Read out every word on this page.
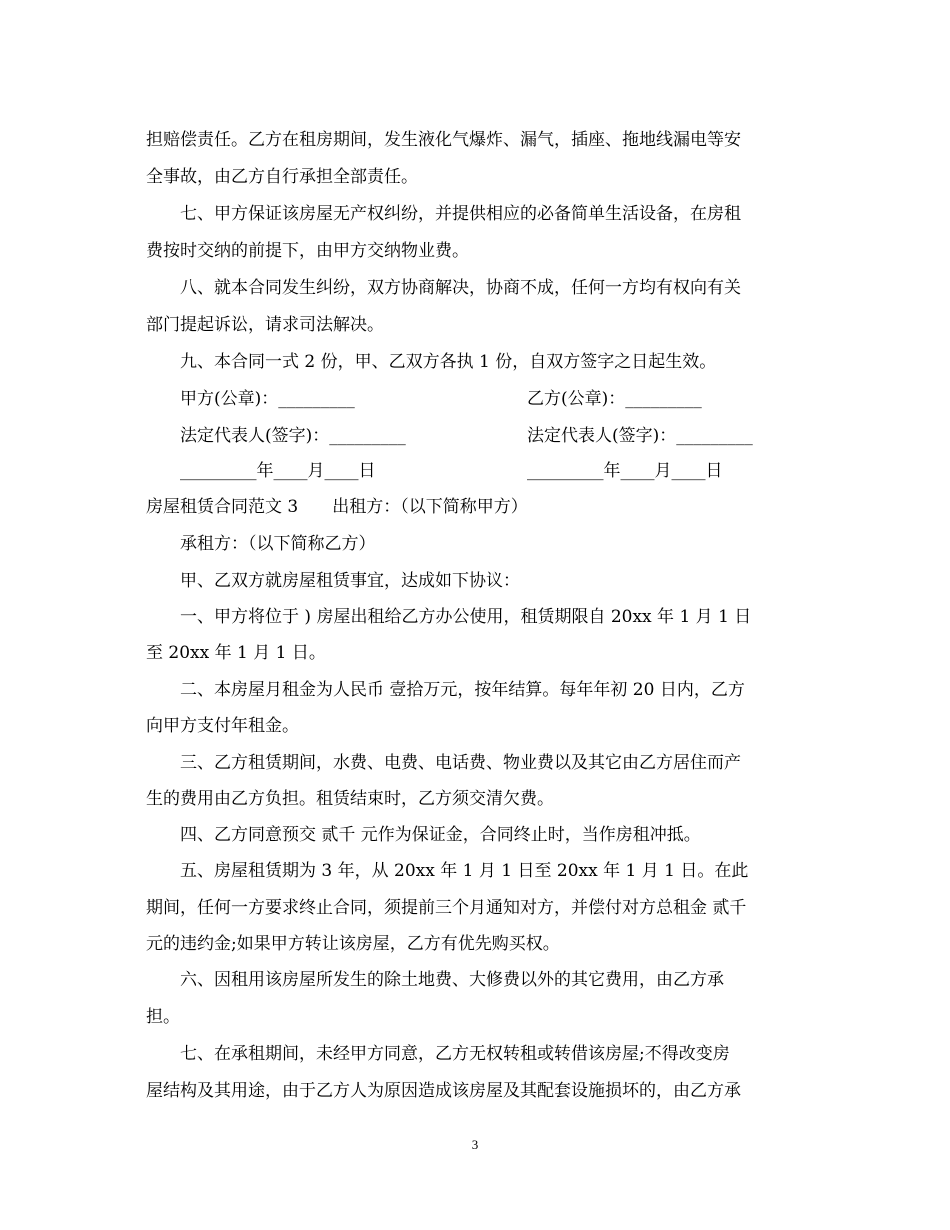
担赔偿责任。乙方在租房期间，发生液化气爆炸、漏气，插座、拖地线漏电等安
全事故，由乙方自行承担全部责任。
七、甲方保证该房屋无产权纠纷，并提供相应的必备简单生活设备，在房租
费按时交纳的前提下，由甲方交纳物业费。
八、就本合同发生纠纷，双方协商解决，协商不成，任何一方均有权向有关
部门提起诉讼，请求司法解决。
九、本合同一式 2 份，甲、乙双方各执 1 份，自双方签字之日起生效。
甲方(公章)：_________	乙方(公章)：_________
法定代表人(签字)：_________	法定代表人(签字)：_________
_________年____月____日	_________年____月____日
房屋租赁合同范文 3　　出租方：（以下简称甲方）
承租方：（以下简称乙方）
甲、乙双方就房屋租赁事宜，达成如下协议：
一、甲方将位于 ) 房屋出租给乙方办公使用，租赁期限自 20xx 年 1 月 1 日
至 20xx 年 1 月 1 日。
二、本房屋月租金为人民币 壹拾万元，按年结算。每年年初 20 日内，乙方
向甲方支付年租金。
三、乙方租赁期间，水费、电费、电话费、物业费以及其它由乙方居住而产
生的费用由乙方负担。租赁结束时，乙方须交清欠费。
四、乙方同意预交 贰千 元作为保证金，合同终止时，当作房租冲抵。
五、房屋租赁期为 3 年，从 20xx 年 1 月 1 日至 20xx 年 1 月 1 日。在此
期间，任何一方要求终止合同，须提前三个月通知对方，并偿付对方总租金 贰千
元的违约金;如果甲方转让该房屋，乙方有优先购买权。
六、因租用该房屋所发生的除土地费、大修费以外的其它费用，由乙方承
担。
七、在承租期间，未经甲方同意，乙方无权转租或转借该房屋;不得改变房
屋结构及其用途，由于乙方人为原因造成该房屋及其配套设施损坏的，由乙方承
3
